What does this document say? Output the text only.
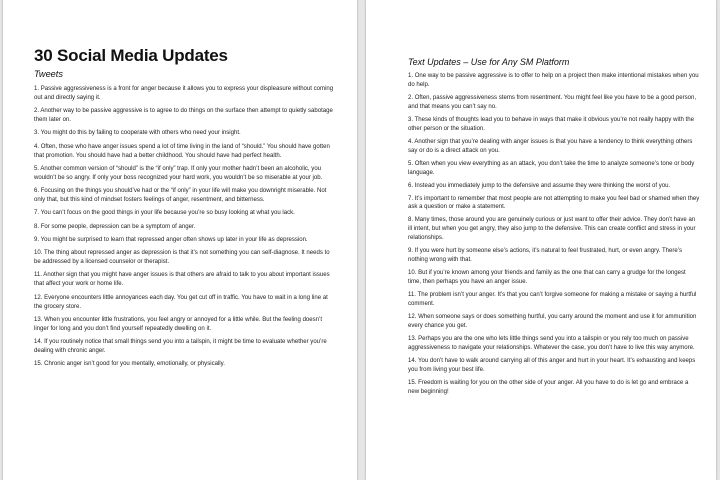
30 Social Media Updates
Tweets
1. Passive aggressiveness is a front for anger because it allows you to express your displeasure without coming out and directly saying it.
2. Another way to be passive aggressive is to agree to do things on the surface then attempt to quietly sabotage them later on.
3. You might do this by failing to cooperate with others who need your insight.
4. Often, those who have anger issues spend a lot of time living in the land of “should.” You should have gotten that promotion. You should have had a better childhood. You should have had perfect health.
5. Another common version of “should” is the “if only” trap. If only your mother hadn’t been an alcoholic, you wouldn’t be so angry. If only your boss recognized your hard work, you wouldn’t be so miserable at your job.
6. Focusing on the things you should’ve had or the “if only” in your life will make you downright miserable. Not only that, but this kind of mindset fosters feelings of anger, resentment, and bitterness.
7. You can’t focus on the good things in your life because you’re so busy looking at what you lack.
8. For some people, depression can be a symptom of anger.
9. You might be surprised to learn that repressed anger often shows up later in your life as depression.
10. The thing about repressed anger as depression is that it’s not something you can self-diagnose. It needs to be addressed by a licensed counselor or therapist.
11. Another sign that you might have anger issues is that others are afraid to talk to you about important issues that affect your work or home life.
12. Everyone encounters little annoyances each day. You get cut off in traffic. You have to wait in a long line at the grocery store.
13. When you encounter little frustrations, you feel angry or annoyed for a little while. But the feeling doesn’t linger for long and you don’t find yourself repeatedly dwelling on it.
14. If you routinely notice that small things send you into a tailspin, it might be time to evaluate whether you’re dealing with chronic anger.
15. Chronic anger isn’t good for you mentally, emotionally, or physically.
Text Updates – Use for Any SM Platform
1. One way to be passive aggressive is to offer to help on a project then make intentional mistakes when you do help.
2. Often, passive aggressiveness stems from resentment. You might feel like you have to be a good person, and that means you can’t say no.
3. These kinds of thoughts lead you to behave in ways that make it obvious you’re not really happy with the other person or the situation.
4. Another sign that you’re dealing with anger issues is that you have a tendency to think everything others say or do is a direct attack on you.
5. Often when you view everything as an attack, you don’t take the time to analyze someone’s tone or body language.
6. Instead you immediately jump to the defensive and assume they were thinking the worst of you.
7. It’s important to remember that most people are not attempting to make you feel bad or shamed when they ask a question or make a statement.
8. Many times, those around you are genuinely curious or just want to offer their advice. They don’t have an ill intent, but when you get angry, they also jump to the defensive. This can create conflict and stress in your relationships.
9. If you were hurt by someone else’s actions, it’s natural to feel frustrated, hurt, or even angry. There’s nothing wrong with that.
10. But if you’re known among your friends and family as the one that can carry a grudge for the longest time, then perhaps you have an anger issue.
11. The problem isn’t your anger. It’s that you can’t forgive someone for making a mistake or saying a hurtful comment.
12. When someone says or does something hurtful, you carry around the moment and use it for ammunition every chance you get.
13. Perhaps you are the one who lets little things send you into a tailspin or you rely too much on passive aggressiveness to navigate your relationships. Whatever the case, you don’t have to live this way anymore.
14. You don’t have to walk around carrying all of this anger and hurt in your heart. It’s exhausting and keeps you from living your best life.
15. Freedom is waiting for you on the other side of your anger. All you have to do is let go and embrace a new beginning!
